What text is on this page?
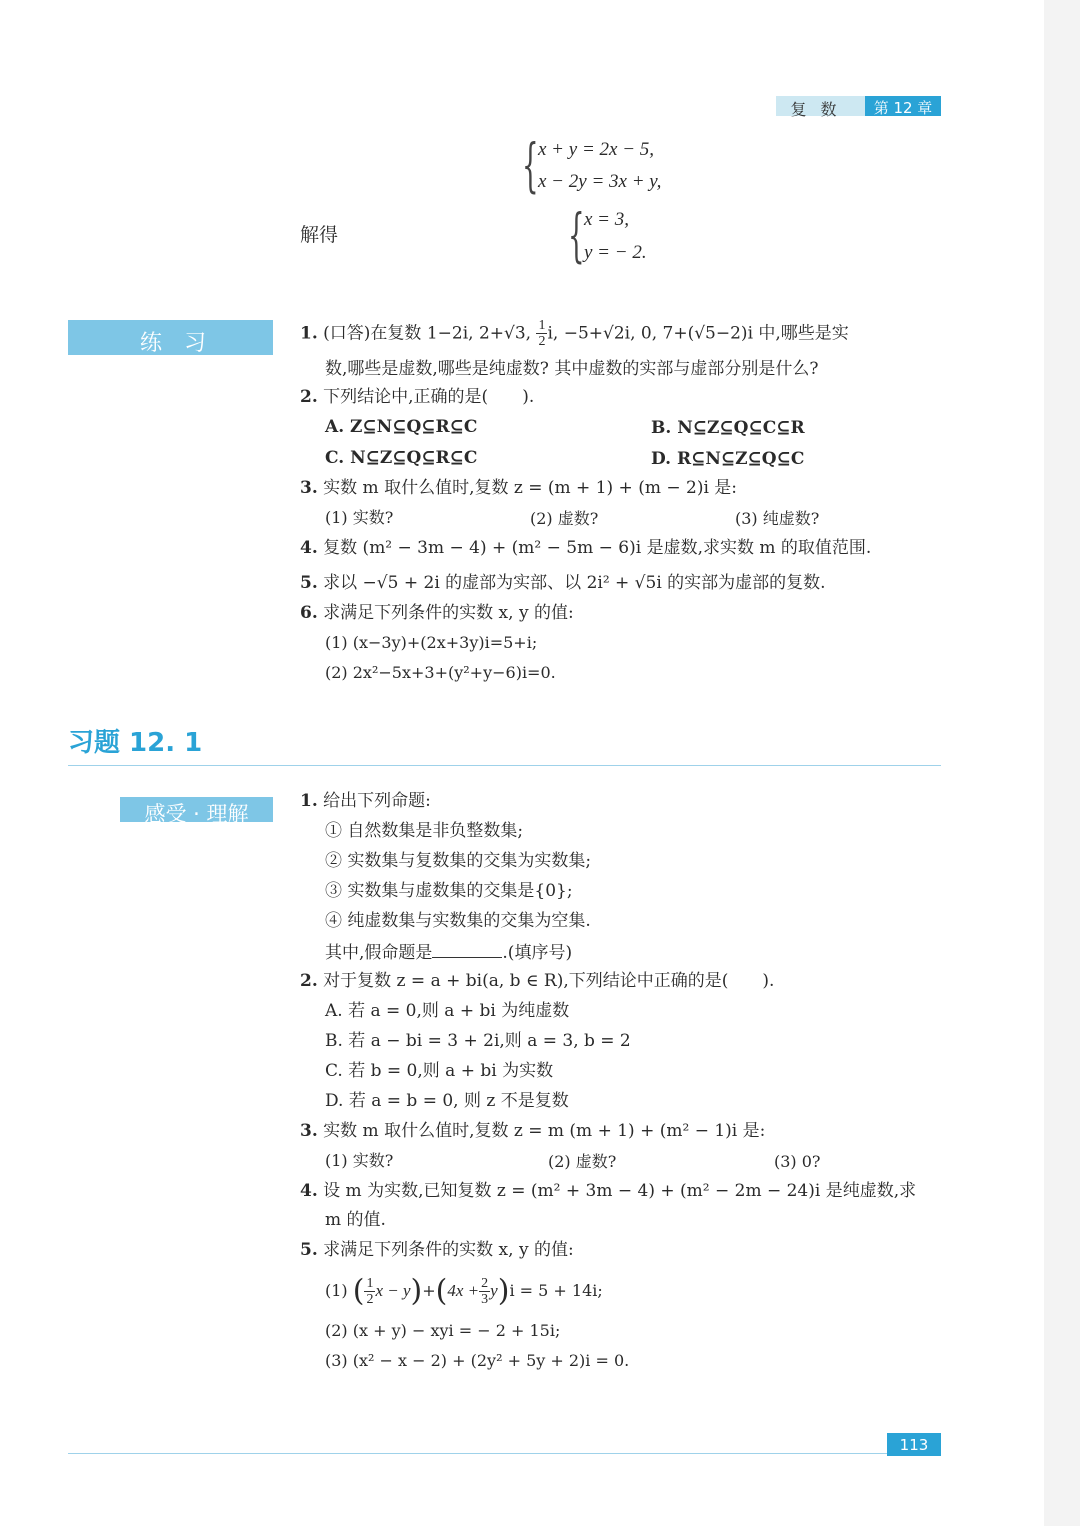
复数	第 12 章
{ x + y = 2x − 5,
x − 2y = 3x + y,
解得	{ x = 3,
y = − 2.
练习	1. (口答)在复数 1−2i, 2+√3, $\frac{1}{2} i$, −5+√2i, 0, 7+(√5−2)i 中,哪些是实
数,哪些是虚数,哪些是纯虚数? 其中虚数的实部与虚部分别是什么?
2. 下列结论中,正确的是(　　).
A. Z⊆N⊆Q⊆R⊆C	B. N⊆Z⊆Q⊆C⊆R
C. N⊆Z⊆Q⊆R⊆C	D. R⊆N⊆Z⊆Q⊆C
3. 实数 m 取什么值时,复数 z = (m + 1) + (m − 2)i 是:
(1) 实数?	(2) 虚数?	(3) 纯虚数?
4. 复数 (m² − 3m − 4) + (m² − 5m − 6)i 是虚数,求实数 m 的取值范围.
5. 求以 −√5 + 2i 的虚部为实部、以 2i² + √5i 的实部为虚部的复数.
6. 求满足下列条件的实数 x, y 的值:
(1) (x−3y)+(2x+3y)i=5+i;
(2) 2x²−5x+3+(y²+y−6)i=0.
习题 12. 1
感受 · 理解
1. 给出下列命题:
① 自然数集是非负整数集;
② 实数集与复数集的交集为实数集;
③ 实数集与虚数集的交集是{0};
④ 纯虚数集与实数集的交集为空集.
其中,假命题是	.(填序号)
2. 对于复数 z = a + bi(a, b ∈ R),下列结论中正确的是(　　).
A. 若 a = 0,则 a + bi 为纯虚数
B. 若 a − bi = 3 + 2i,则 a = 3, b = 2
C. 若 b = 0,则 a + bi 为实数
D. 若 a = b = 0, 则 z 不是复数
3. 实数 m 取什么值时,复数 z = m (m + 1) + (m² − 1)i 是:
(1) 实数?	(2) 虚数?	(3) 0?
4. 设 m 为实数,已知复数 z = (m² + 3m − 4) + (m² − 2m − 24)i 是纯虚数,求
m 的值.
5. 求满足下列条件的实数 x, y 的值:
(1) ( $\frac{1}{2}$ $x - y)+(4x + \frac{2}{3} y)i = 5 + 14i$;
(2) (x + y) − xyi = − 2 + 15i;
(3) (x² − x − 2) + (2y² + 5y + 2)i = 0.
113
